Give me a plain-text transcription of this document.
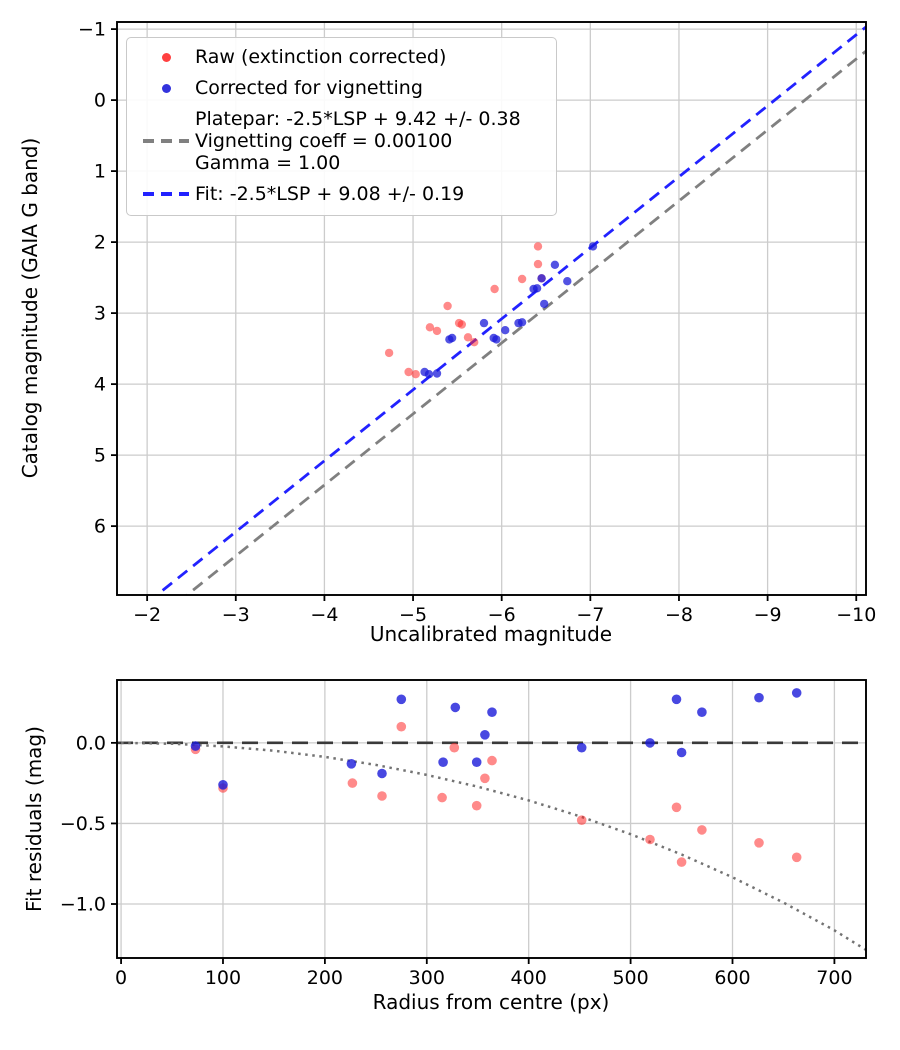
−2	−3	−4	−5	−6	−7	−8	−9	−10
−1
0
1
2
3
4
5
6
0	100	200	300	400	500	600	700
0.0
−0.5
−1.0
Catalog magnitude (GAIA G band)
Uncalibrated magnitude
Fit residuals (mag)
Radius from centre (px)
Raw (extinction corrected)
Corrected for vignetting
Platepar: -2.5*LSP + 9.42 +/- 0.38
Vignetting coeff = 0.00100
Gamma = 1.00
Fit: -2.5*LSP + 9.08 +/- 0.19
